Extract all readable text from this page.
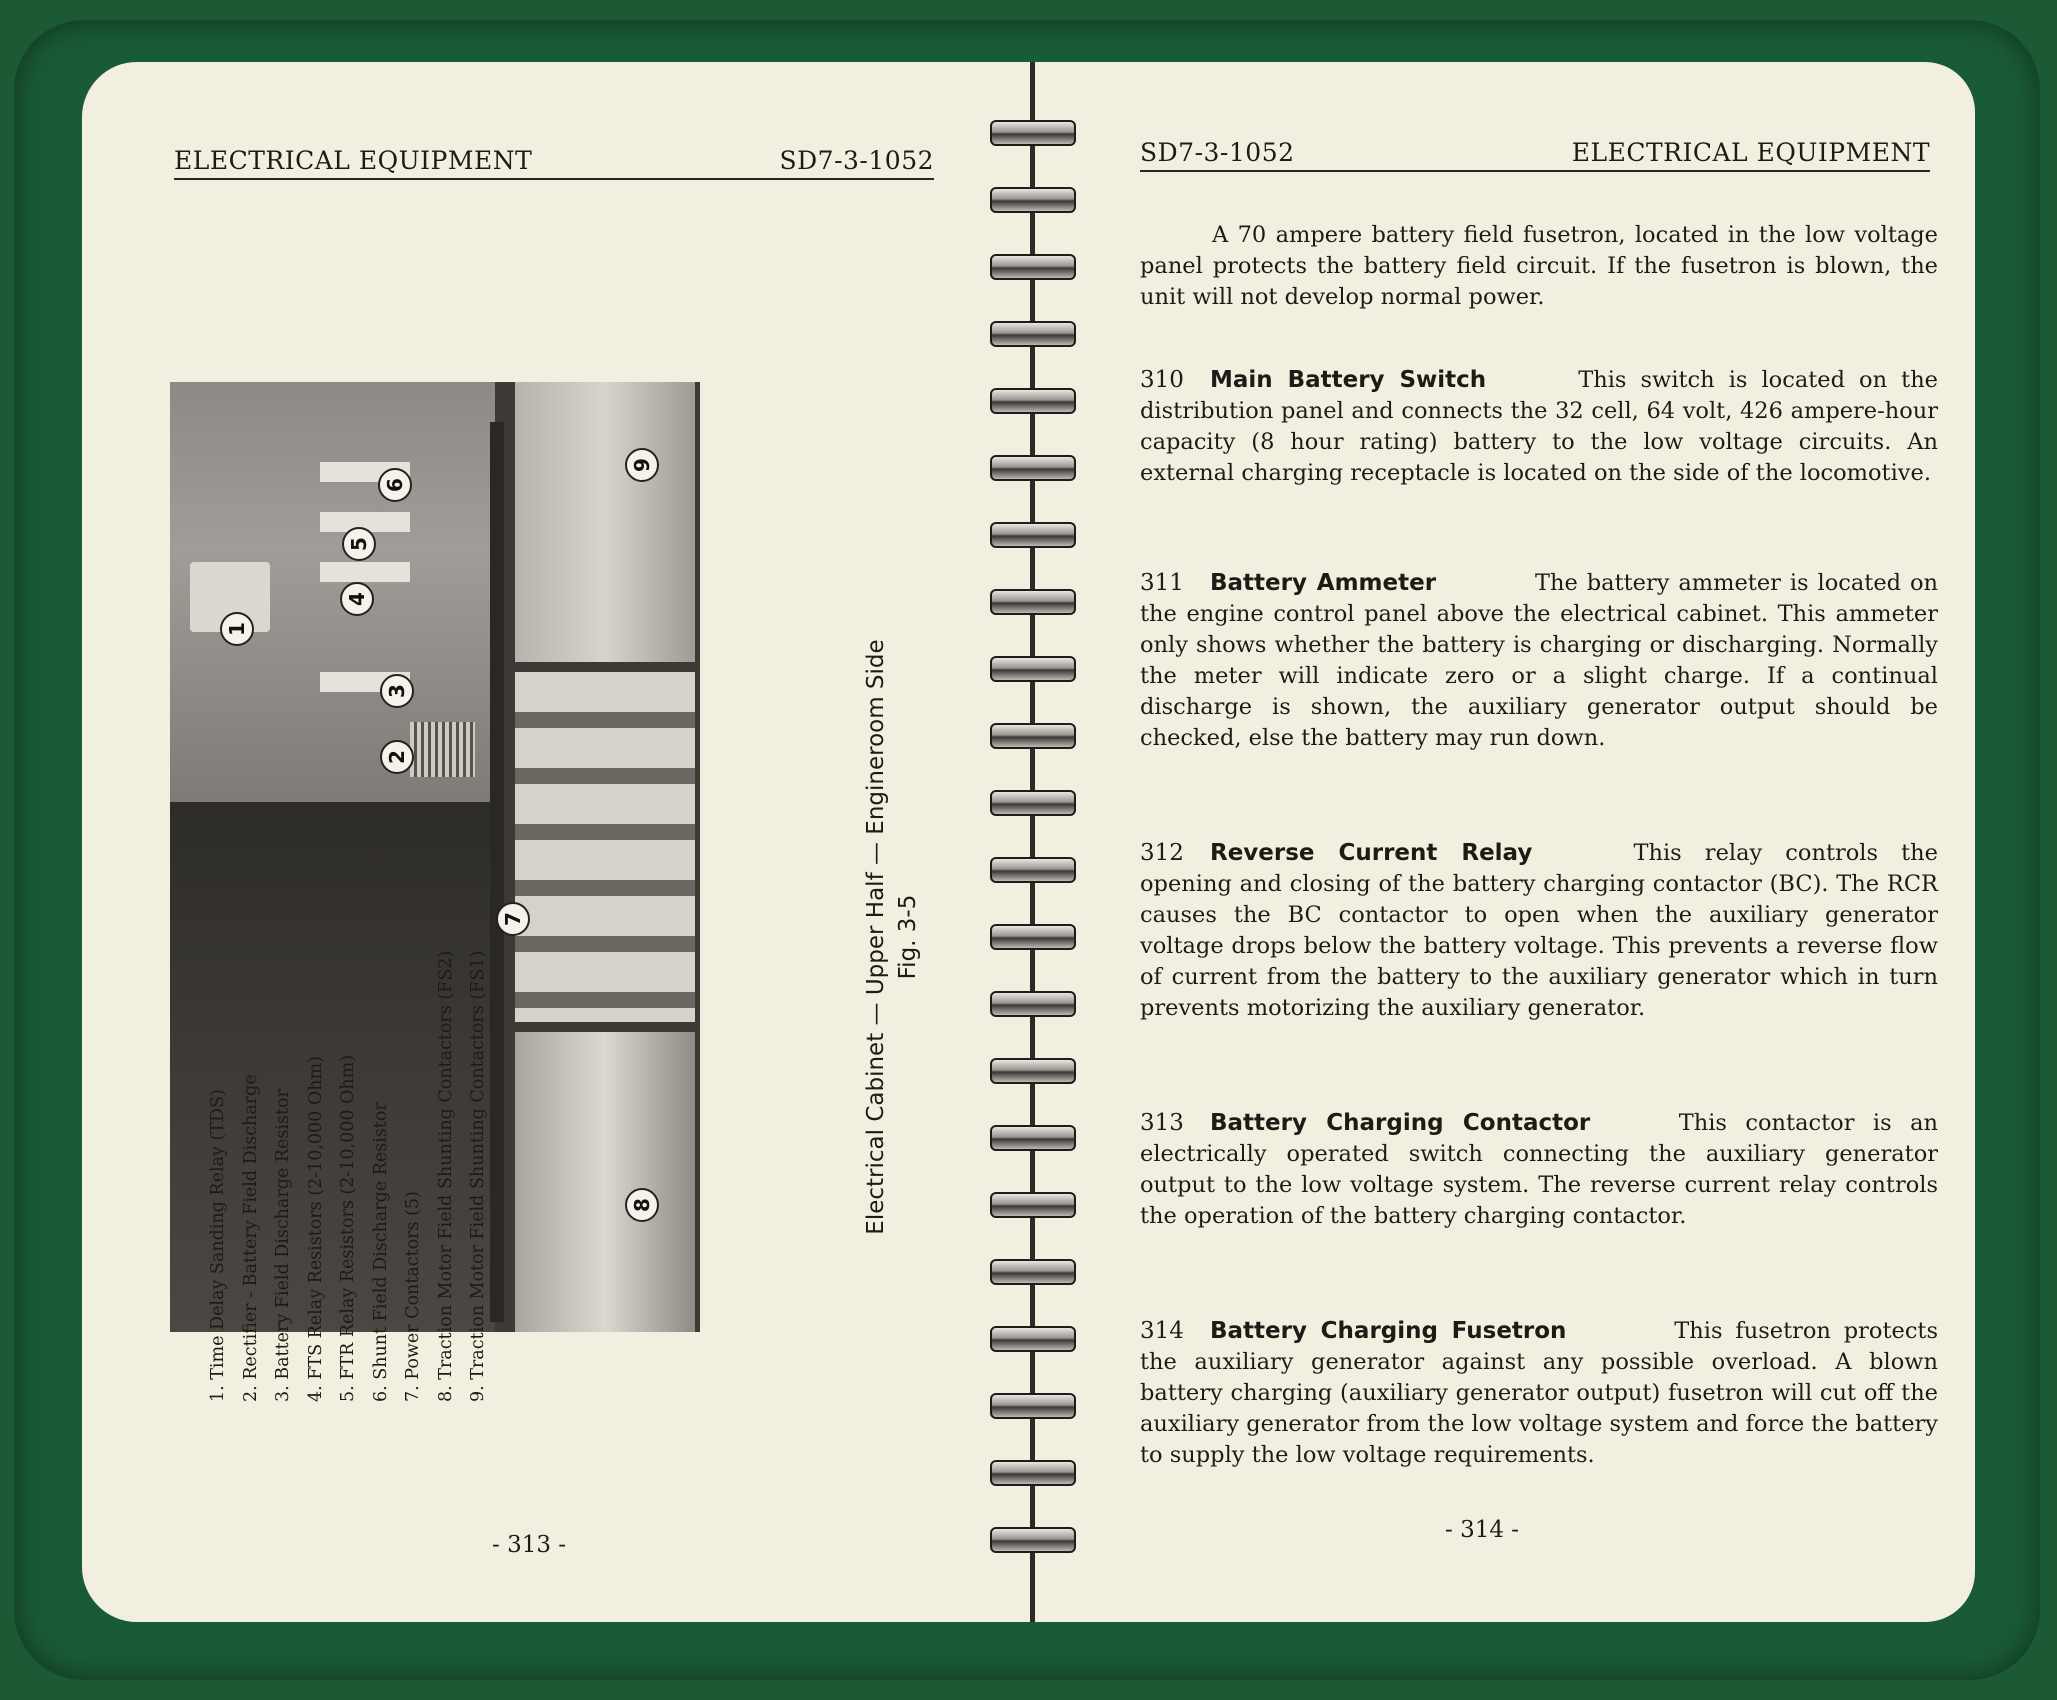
ELECTRICAL EQUIPMENT	SD7-3-1052
1
2
3
4
5
6
7
8
9
1. Time Delay Sanding Relay (TDS) 2. Rectifier - Battery Field Discharge 3. Battery Field Discharge Resistor 4. FTS Relay Resistors (2-10,000 Ohm) 5. FTR Relay Resistors (2-10,000 Ohm) 6. Shunt Field Discharge Resistor 7. Power Contactors (5) 8. Traction Motor Field Shunting Contactors (FS2) 9. Traction Motor Field Shunting Contactors (FS1)	Electrical Cabinet — Upper Half — Engineroom Side Fig. 3-5
- 313 -
SD7-3-1052	ELECTRICAL EQUIPMENT
A 70 ampere battery field fusetron, located in the low voltage panel protects the battery field circuit. If the fusetron is blown, the unit will not develop normal power.
310 Main Battery Switch	This switch is located on the distribution panel and connects the 32 cell, 64 volt, 426 ampere-hour capacity (8 hour rating) battery to the low voltage circuits. An external charging receptacle is located on the side of the locomotive.
311 Battery Ammeter	The battery ammeter is located on the engine control panel above the electrical cabinet. This ammeter only shows whether the battery is charging or discharging. Normally the meter will indicate zero or a slight charge. If a continual discharge is shown, the auxiliary generator output should be checked, else the battery may run down.
312 Reverse Current Relay	This relay controls the opening and closing of the battery charging contactor (BC). The RCR causes the BC contactor to open when the auxiliary generator voltage drops below the battery voltage. This prevents a reverse flow of current from the battery to the auxiliary generator which in turn prevents motorizing the auxiliary generator.
313 Battery Charging Contactor	This contactor is an electrically operated switch connecting the auxiliary generator output to the low voltage system. The reverse current relay controls the operation of the battery charging contactor.
314 Battery Charging Fusetron	This fusetron protects the auxiliary generator against any possible overload. A blown battery charging (auxiliary generator output) fusetron will cut off the auxiliary generator from the low voltage system and force the battery to supply the low voltage requirements.
- 314 -
